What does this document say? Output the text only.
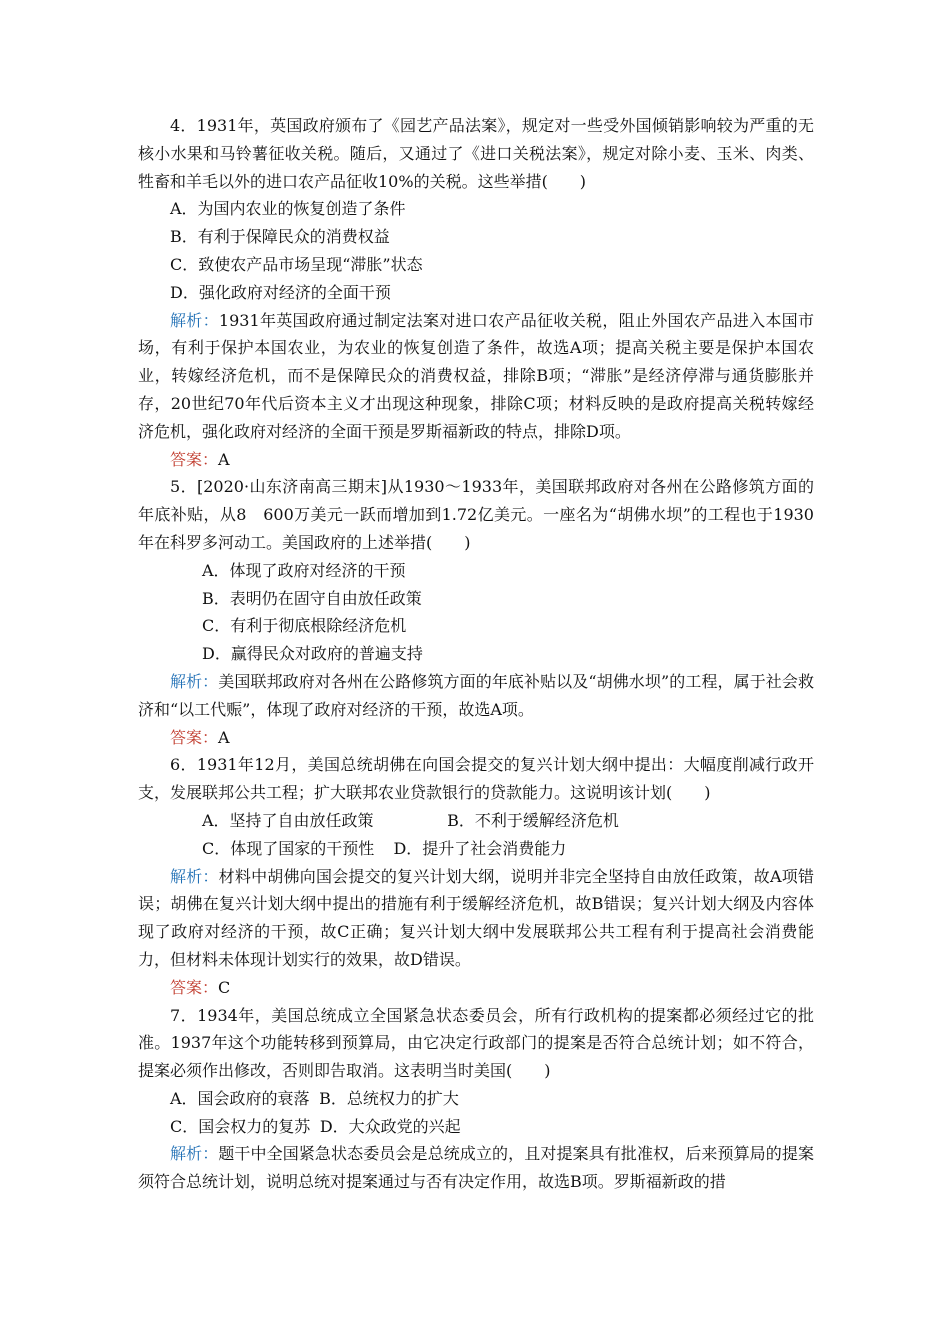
4．1931年，英国政府颁布了《园艺产品法案》，规定对一些受外国倾销影响较为严重的无核小水果和马铃薯征收关税。随后，又通过了《进口关税法案》，规定对除小麦、玉米、肉类、牲畜和羊毛以外的进口农产品征收10%的关税。这些举措(　　)

A．为国内农业的恢复创造了条件

B．有利于保障民众的消费权益

C．致使农产品市场呈现“滞胀”状态

D．强化政府对经济的全面干预

解析：1931年英国政府通过制定法案对进口农产品征收关税，阻止外国农产品进入本国市场，有利于保护本国农业，为农业的恢复创造了条件，故选A项；提高关税主要是保护本国农业，转嫁经济危机，而不是保障民众的消费权益，排除B项；“滞胀”是经济停滞与通货膨胀并存，20世纪70年代后资本主义才出现这种现象，排除C项；材料反映的是政府提高关税转嫁经济危机，强化政府对经济的全面干预是罗斯福新政的特点，排除D项。

答案：A

5．[2020·山东济南高三期末]从1930～1933年，美国联邦政府对各州在公路修筑方面的年底补贴，从8　600万美元一跃而增加到1.72亿美元。一座名为“胡佛水坝”的工程也于1930年在科罗多河动工。美国政府的上述举措(　　)

A．体现了政府对经济的干预

B．表明仍在固守自由放任政策

C．有利于彻底根除经济危机

D．赢得民众对政府的普遍支持

解析：美国联邦政府对各州在公路修筑方面的年底补贴以及“胡佛水坝”的工程，属于社会救济和“以工代赈”，体现了政府对经济的干预，故选A项。

答案：A

6．1931年12月，美国总统胡佛在向国会提交的复兴计划大纲中提出：大幅度削减行政开支，发展联邦公共工程；扩大联邦农业贷款银行的贷款能力。这说明该计划(　　)

A．坚持了自由放任政策	B．不利于缓解经济危机

C．体现了国家的干预性 D．提升了社会消费能力

解析：材料中胡佛向国会提交的复兴计划大纲，说明并非完全坚持自由放任政策，故A项错误；胡佛在复兴计划大纲中提出的措施有利于缓解经济危机，故B错误；复兴计划大纲及内容体现了政府对经济的干预，故C正确；复兴计划大纲中发展联邦公共工程有利于提高社会消费能力，但材料未体现计划实行的效果，故D错误。

答案：C

7．1934年，美国总统成立全国紧急状态委员会，所有行政机构的提案都必须经过它的批准。1937年这个功能转移到预算局，由它决定行政部门的提案是否符合总统计划；如不符合，提案必须作出修改，否则即告取消。这表明当时美国(　　)

A．国会政府的衰落 B．总统权力的扩大

C．国会权力的复苏 D．大众政党的兴起

解析：题干中全国紧急状态委员会是总统成立的，且对提案具有批准权，后来预算局的提案须符合总统计划，说明总统对提案通过与否有决定作用，故选B项。罗斯福新政的措
